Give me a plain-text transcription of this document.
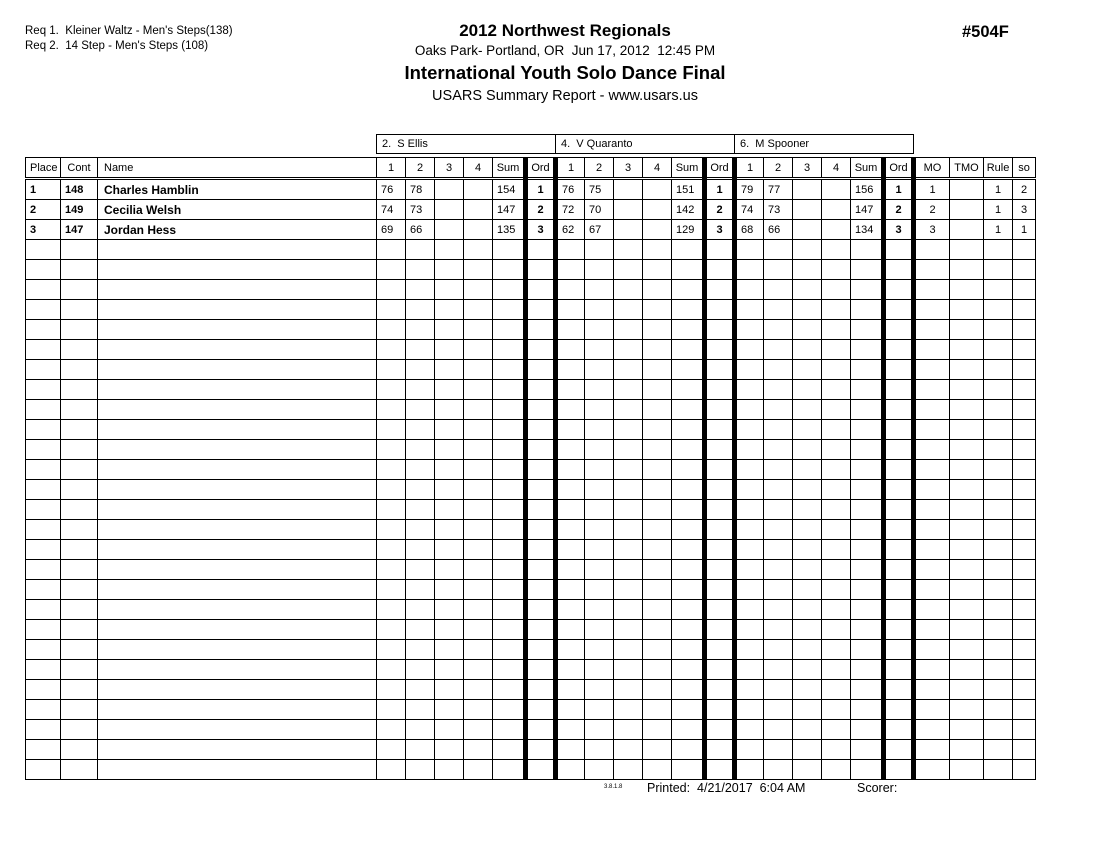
Req 1.  Kleiner Waltz - Men's Steps(138)
Req 2.  14 Step - Men's Steps (108)
2012 Northwest Regionals
Oaks Park- Portland, OR  Jun 17, 2012  12:45 PM
International Youth Solo Dance Final
USARS Summary Report - www.usars.us
#504F
2.  S Ellis	4.  V Quaranto	6.  M Spooner
Place	Cont	Name	1	2	3	4	Sum	Ord	1	2	3	4	Sum	Ord	1	2	3	4	Sum	Ord	MO	TMO	Rule	so
1	148	Charles Hamblin	76	78			154	1	76	75			151	1	79	77			156	1	1		1	2
2	149	Cecilia Welsh	74	73			147	2	72	70			142	2	74	73			147	2	2		1	3
3	147	Jordan Hess	69	66			135	3	62	67			129	3	68	66			134	3	3		1	1

3.8.1.8 Printed: 4/21/2017  6:04 AM	Scorer:
